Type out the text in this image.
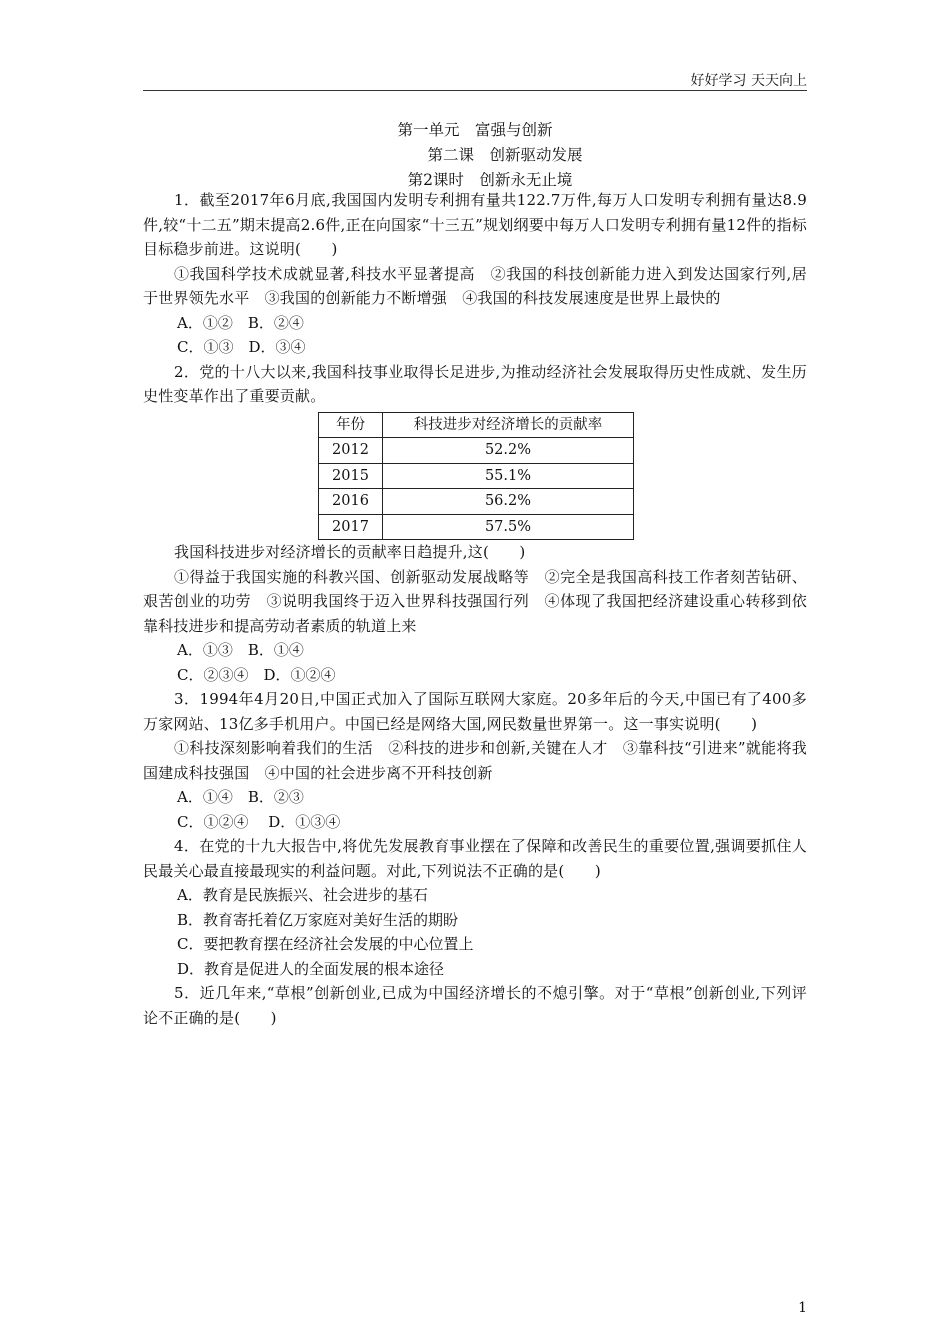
好好学习 天天向上
第一单元　富强与创新
第二课　创新驱动发展
第2课时　创新永无止境

1．截至2017年6月底,我国国内发明专利拥有量共122.7万件,每万人口发明专利拥有量达8.9件,较“十二五”期末提高2.6件,正在向国家“十三五”规划纲要中每万人口发明专利拥有量12件的指标目标稳步前进。这说明(　　)

①我国科学技术成就显著,科技水平显著提高　②我国的科技创新能力进入到发达国家行列,居于世界领先水平　③我国的创新能力不断增强　④我国的科技发展速度是世界上最快的

A．①②　B．②④

C．①③　D．③④

2．党的十八大以来,我国科技事业取得长足进步,为推动经济社会发展取得历史性成就、发生历史性变革作出了重要贡献。

年份	科技进步对经济增长的贡献率
2012	52.2%
2015	55.1%
2016	56.2%
2017	57.5%

我国科技进步对经济增长的贡献率日趋提升,这(　　)

①得益于我国实施的科教兴国、创新驱动发展战略等　②完全是我国高科技工作者刻苦钻研、艰苦创业的功劳　③说明我国终于迈入世界科技强国行列　④体现了我国把经济建设重心转移到依靠科技进步和提高劳动者素质的轨道上来

A．①③　B．①④

C．②③④　D．①②④

3．1994年4月20日,中国正式加入了国际互联网大家庭。20多年后的今天,中国已有了400多万家网站、13亿多手机用户。中国已经是网络大国,网民数量世界第一。这一事实说明(　　)

①科技深刻影响着我们的生活　②科技的进步和创新,关键在人才　③靠科技“引进来”就能将我国建成科技强国　④中国的社会进步离不开科技创新

A．①④　B．②③

C．①②④　 D．①③④

4．在党的十九大报告中,将优先发展教育事业摆在了保障和改善民生的重要位置,强调要抓住人民最关心最直接最现实的利益问题。对此,下列说法不正确的是(　　)

A．教育是民族振兴、社会进步的基石

B．教育寄托着亿万家庭对美好生活的期盼

C．要把教育摆在经济社会发展的中心位置上

D．教育是促进人的全面发展的根本途径

5．近几年来,“草根”创新创业,已成为中国经济增长的不熄引擎。对于“草根”创新创业,下列评论不正确的是(　　)

1
